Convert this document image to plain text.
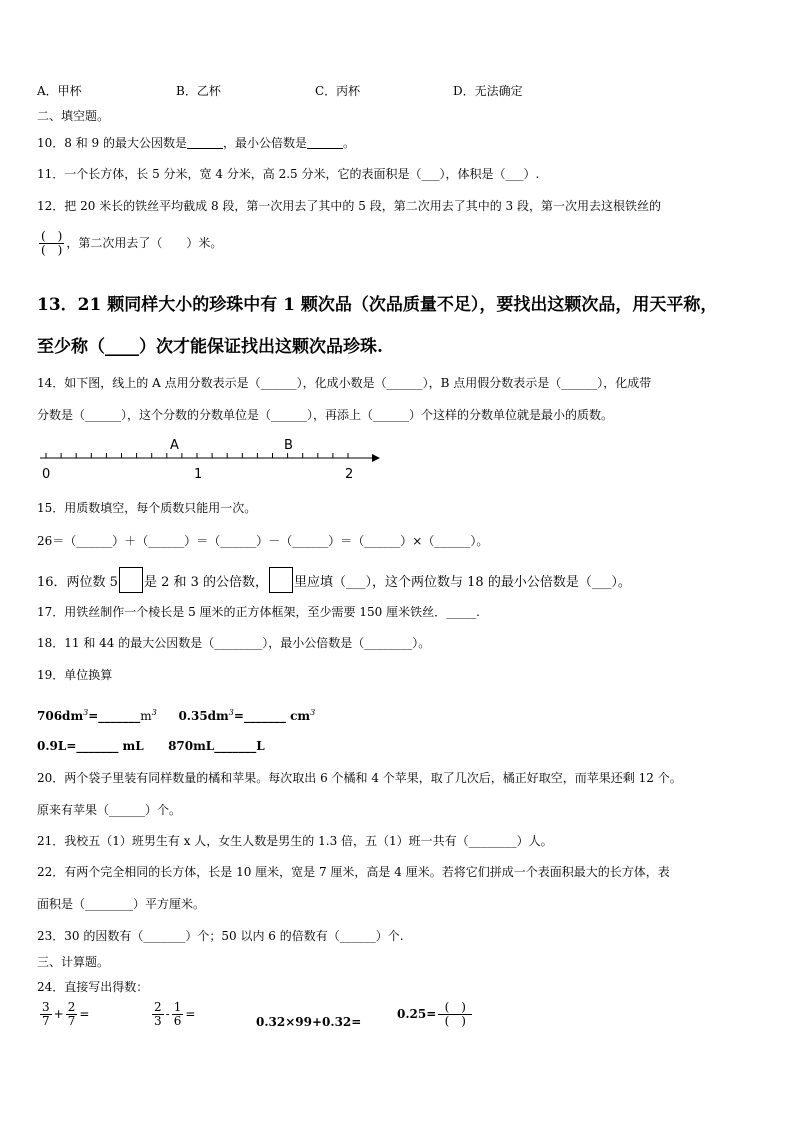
A．甲杯	B．乙杯	C．丙杯	D．无法确定
二、填空题。
10．8 和 9 的最大公因数是	，最小公倍数是	。
11．一个长方体，长 5 分米，宽 4 分米，高 2.5 分米，它的表面积是（___），体积是（___）.
12．把 20 米长的铁丝平均截成 8 段，第一次用去了其中的 5 段，第二次用去了其中的 3 段，第一次用去这根铁丝的
$\frac{( )}{( )}$ ，第二次用去了（　　）米。
13．21 颗同样大小的珍珠中有 1 颗次品（次品质量不足），要找出这颗次品，用天平称，
至少称（____）次才能保证找出这颗次品珍珠.
14．如下图，线上的 A 点用分数表示是（______），化成小数是（______），B 点用假分数表示是（______），化成带
分数是（______），这个分数的分数单位是（______），再添上（______）个这样的分数单位就是最小的质数。
A	B
0	1	2
15．用质数填空，每个质数只能用一次。
26＝（______）＋（______）＝（______）－（______）＝（______）×（______）。
16．两位数 5 是 2 和 3 的公倍数， 里应填（___），这个两位数与 18 的最小公倍数是（___）。
17．用铁丝制作一个棱长是 5 厘米的正方体框架，至少需要 150 厘米铁丝．_____.
18．11 和 44 的最大公因数是（________），最小公倍数是（________）。
19．单位换算
$706dm^3=\_\_\_\_\_\_\_m^3$ $0.35dm^3=\_\_\_\_\_\_\_$ $cm^3$
0.9L=_______ mL 870mL_______L
20．两个袋子里装有同样数量的橘和苹果。每次取出 6 个橘和 4 个苹果，取了几次后，橘正好取空，而苹果还剩 12 个。
原来有苹果（______）个。
21．我校五（1）班男生有 x 人，女生人数是男生的 1.3 倍，五（1）班一共有（________）人。
22．有两个完全相同的长方体，长是 10 厘米，宽是 7 厘米，高是 4 厘米。若将它们拼成一个表面积最大的长方体，表
面积是（________）平方厘米。
23．30 的因数有（_______）个；50 以内 6 的倍数有（______）个.
三、计算题。
24．直接写出得数：
$\frac{3}{7} + \frac{2}{7}$ =	$\frac{2}{3} - \frac{1}{6}$ =
0.32×99+0.32=
$0.25= \frac{( )}{( )}$
